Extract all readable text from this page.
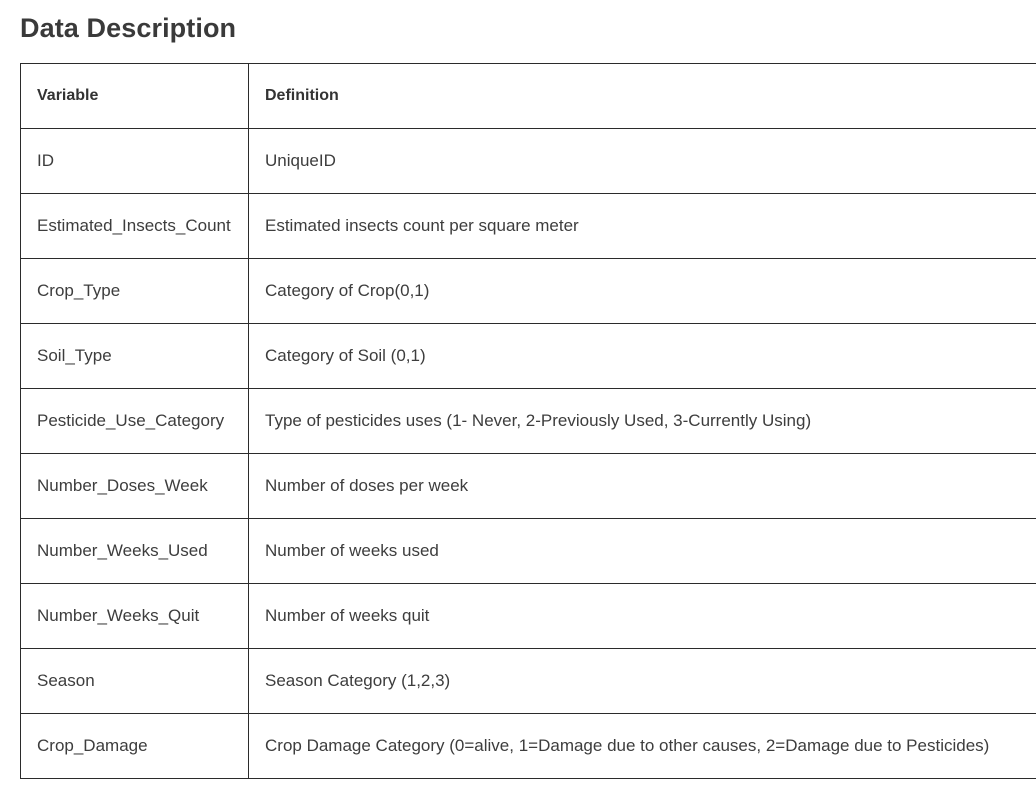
Data Description
Variable	Definition
ID	UniqueID
Estimated_Insects_Count	Estimated insects count per square meter
Crop_Type	Category of Crop(0,1)
Soil_Type	Category of Soil (0,1)
Pesticide_Use_Category	Type of pesticides uses (1- Never, 2-Previously Used, 3-Currently Using)
Number_Doses_Week	Number of doses per week
Number_Weeks_Used	Number of weeks used
Number_Weeks_Quit	Number of weeks quit
Season	Season Category (1,2,3)
Crop_Damage	Crop Damage Category (0=alive, 1=Damage due to other causes, 2=Damage due to Pesticides)
